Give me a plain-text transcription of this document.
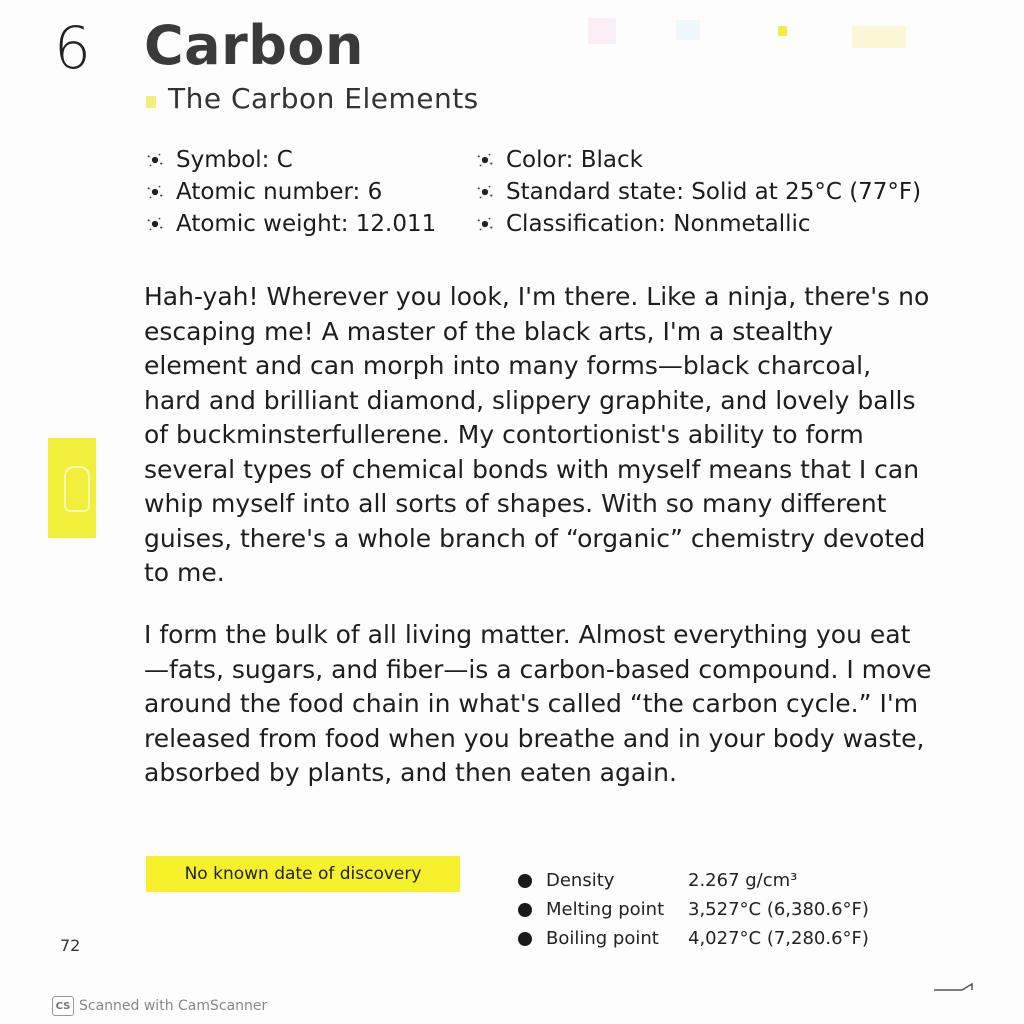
6 Carbon
The Carbon Elements
Symbol: C
Atomic number: 6
Atomic weight: 12.011
Color: Black
Standard state: Solid at 25°C (77°F)
Classification: Nonmetallic

Hah-yah! Wherever you look, I'm there. Like a ninja, there's no escaping me! A master of the black arts, I'm a stealthy element and can morph into many forms—black charcoal, hard and brilliant diamond, slippery graphite, and lovely balls of buckminsterfullerene. My contortionist's ability to form several types of chemical bonds with myself means that I can whip myself into all sorts of shapes. With so many different guises, there's a whole branch of “organic” chemistry devoted to me.

I form the bulk of all living matter. Almost everything you eat—fats, sugars, and fiber—is a carbon-based compound. I move around the food chain in what's called “the carbon cycle.” I'm released from food when you breathe and in your body waste, absorbed by plants, and then eaten again.

No known date of discovery	Density	2.267 g/cm³
Melting point	3,527°C (6,380.6°F)
Boiling point	4,027°C (7,280.6°F)
72
CS Scanned with CamScanner
